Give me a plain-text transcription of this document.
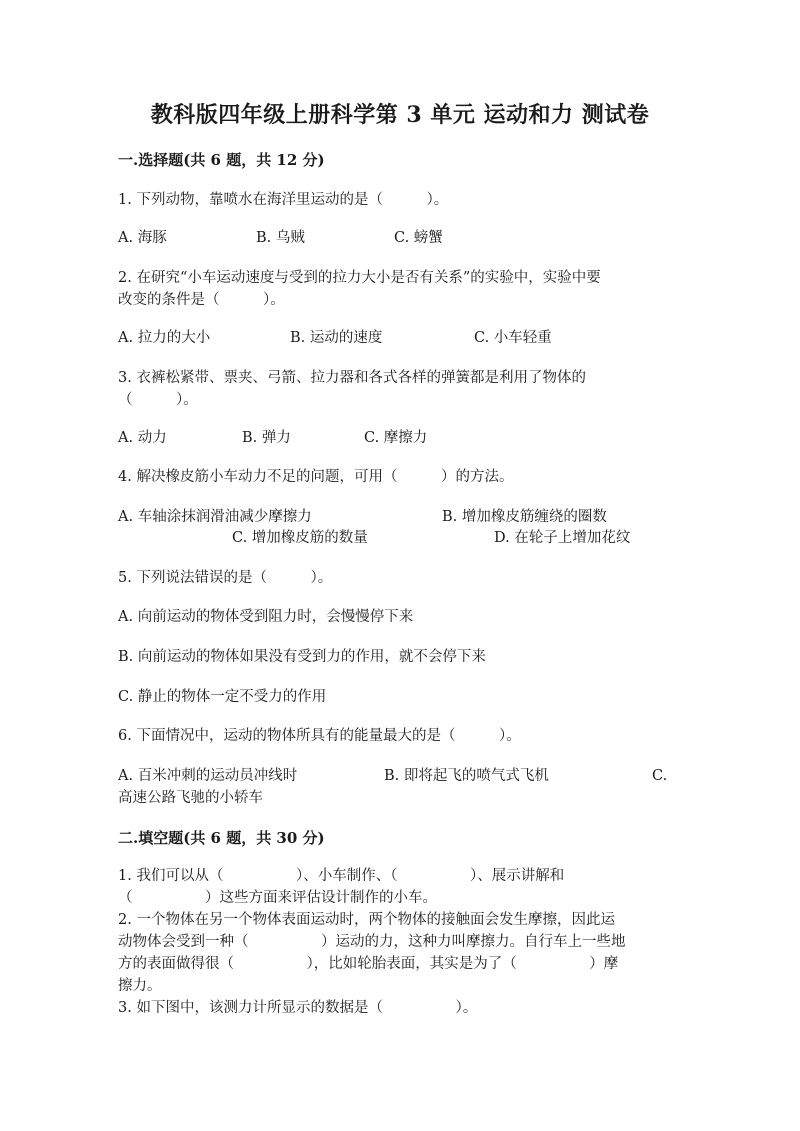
教科版四年级上册科学第 3 单元 运动和力 测试卷
一.选择题(共 6 题，共 12 分)
1. 下列动物，靠喷水在海洋里运动的是（　　　）。
A. 海豚	B. 乌贼	C. 螃蟹
2. 在研究“小车运动速度与受到的拉力大小是否有关系”的实验中，实验中要
改变的条件是（　　　）。
A. 拉力的大小	B. 运动的速度	C. 小车轻重
3. 衣裤松紧带、票夹、弓箭、拉力器和各式各样的弹簧都是利用了物体的
（　　　）。
A. 动力	B. 弹力	C. 摩擦力
4. 解决橡皮筋小车动力不足的问题，可用（　　　）的方法。
A. 车轴涂抹润滑油减少摩擦力	B. 增加橡皮筋缠绕的圈数
C. 增加橡皮筋的数量	D. 在轮子上增加花纹
5. 下列说法错误的是（　　　）。
A. 向前运动的物体受到阻力时，会慢慢停下来
B. 向前运动的物体如果没有受到力的作用，就不会停下来
C. 静止的物体一定不受力的作用
6. 下面情况中，运动的物体所具有的能量最大的是（　　　）。
A. 百米冲刺的运动员冲线时	B. 即将起飞的喷气式飞机	C.
高速公路飞驰的小轿车
二.填空题(共 6 题，共 30 分)
1. 我们可以从（　　　　　）、小车制作、（　　　　　）、展示讲解和
（　　　　　）这些方面来评估设计制作的小车。
2. 一个物体在另一个物体表面运动时，两个物体的接触面会发生摩擦，因此运
动物体会受到一种（　　　　　）运动的力，这种力叫摩擦力。自行车上一些地
方的表面做得很（　　　　　），比如轮胎表面，其实是为了（　　　　　）摩
擦力。
3. 如下图中，该测力计所显示的数据是（　　　　　）。
